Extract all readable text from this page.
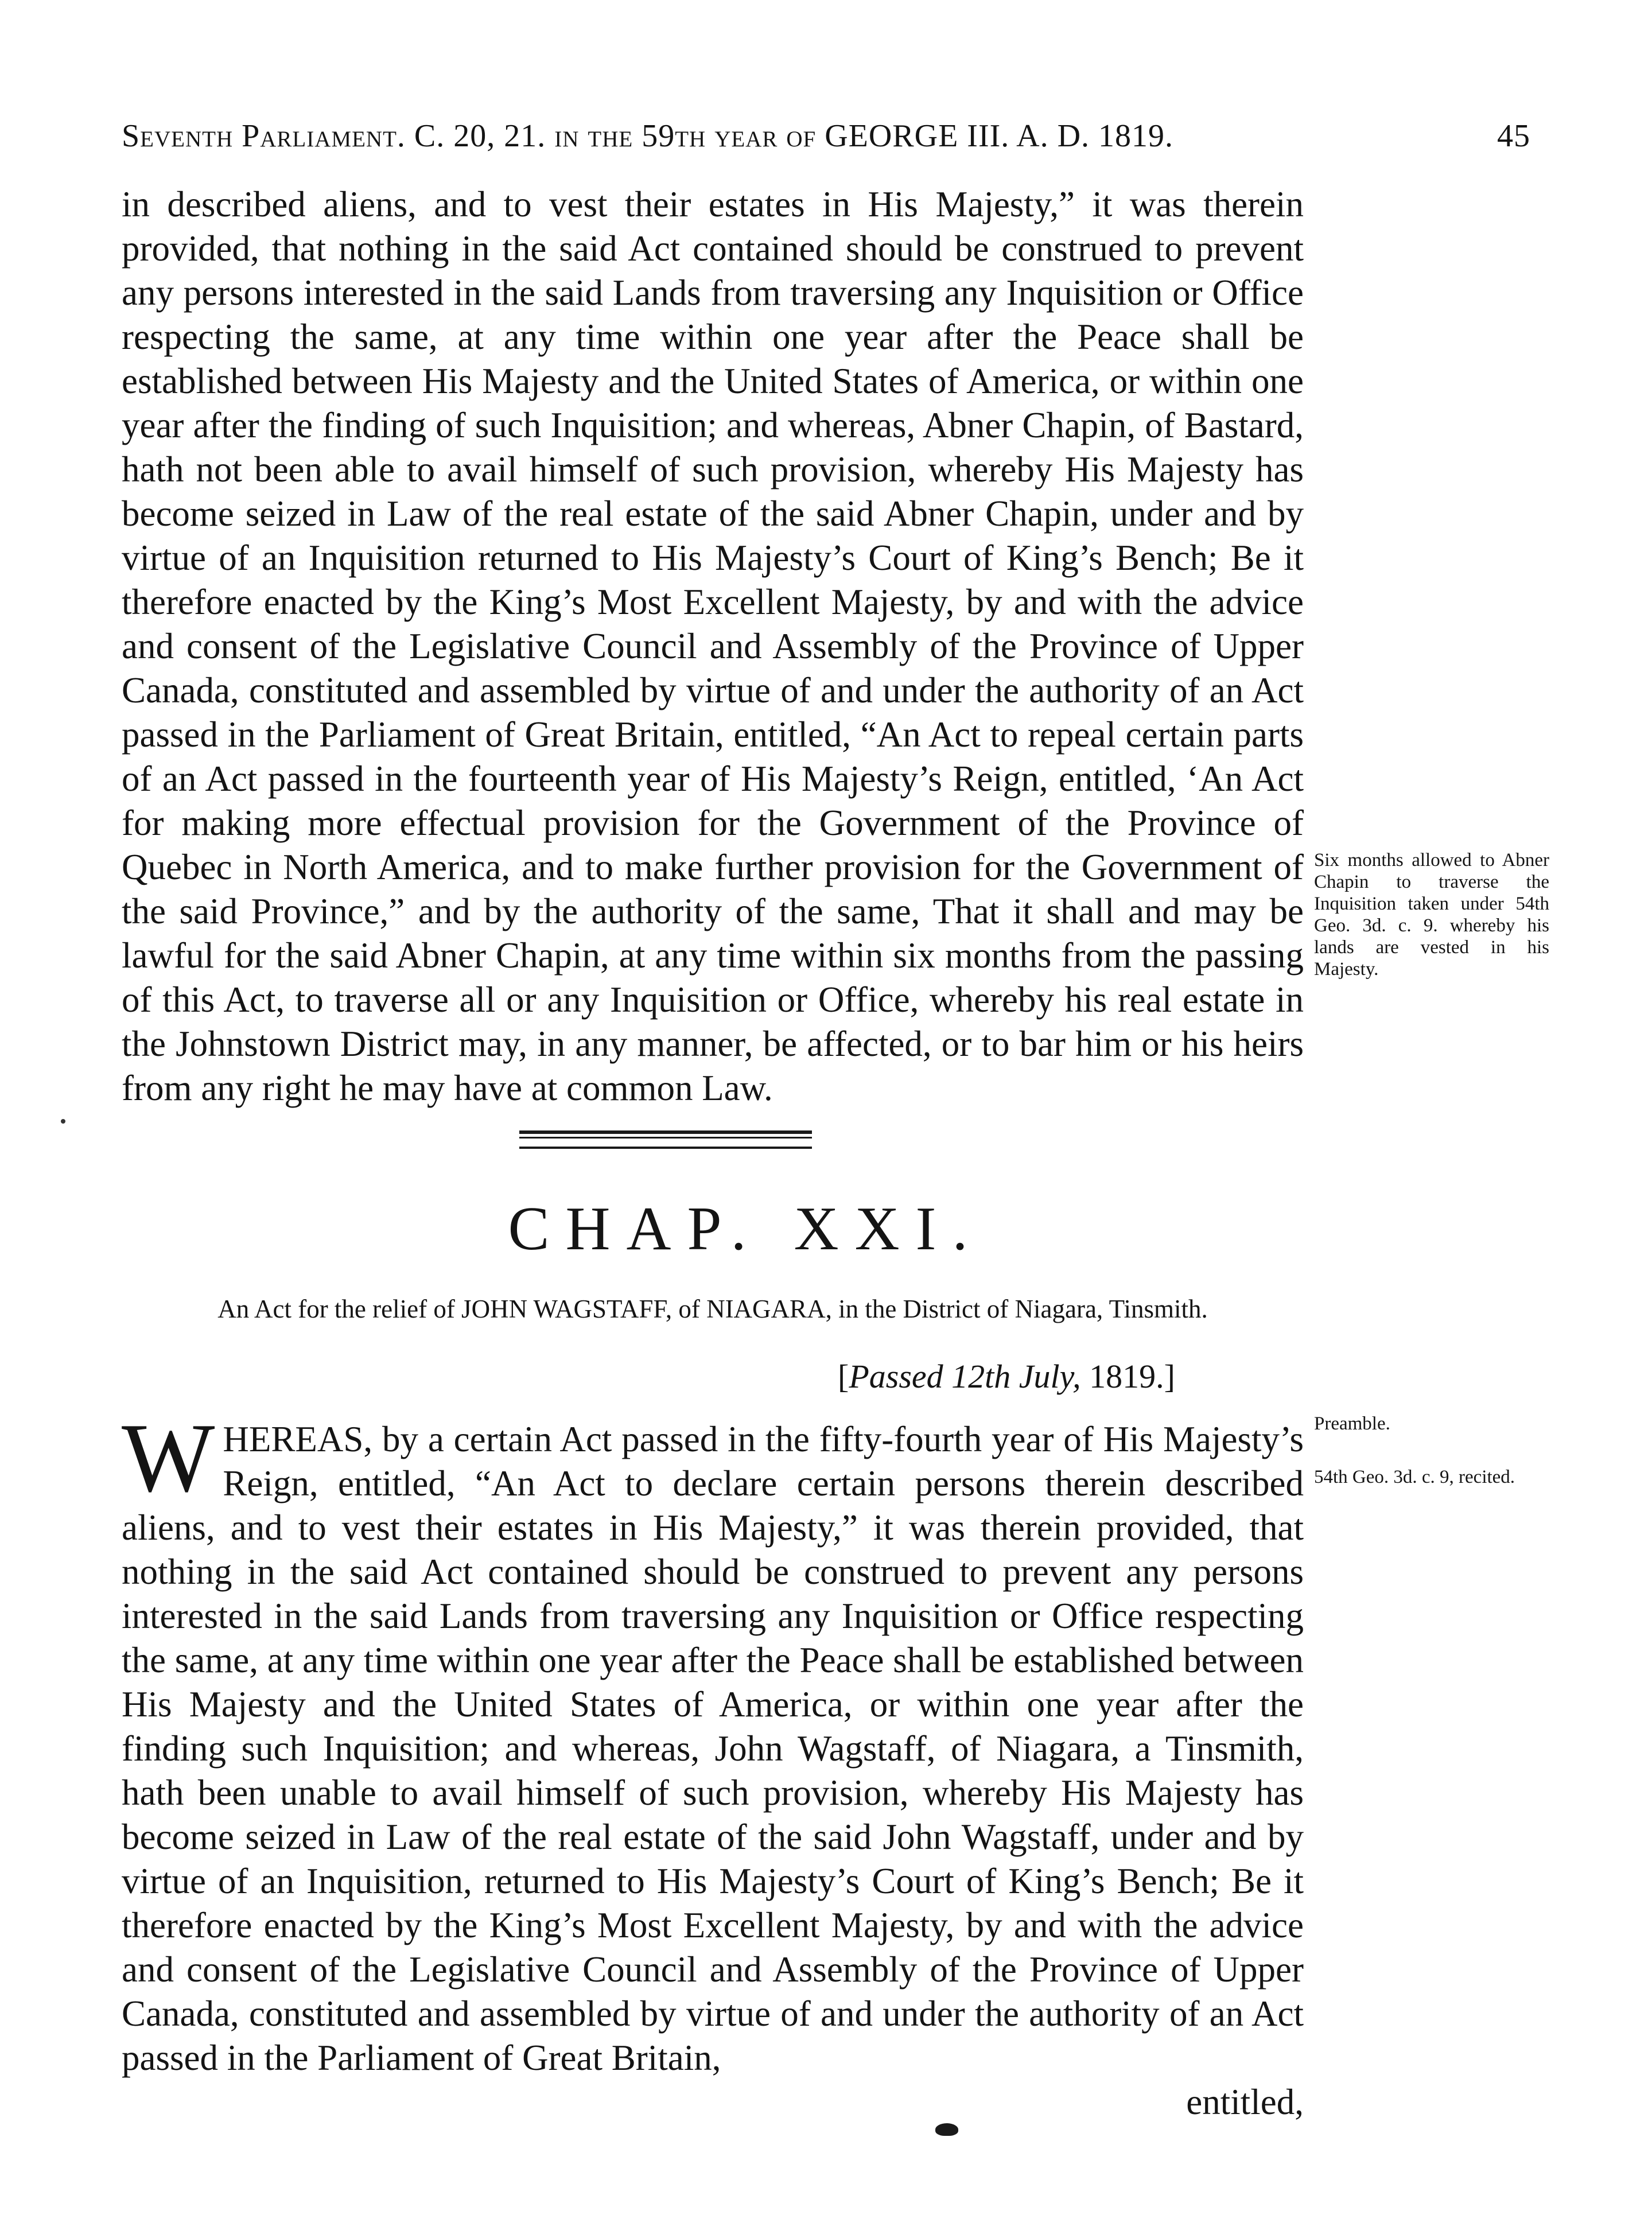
Seventh Parliament. C. 20, 21. in the 59th year of GEORGE III. A. D. 1819.	45
in described aliens, and to vest their estates in His Majesty,” it was therein provided, that nothing in the said Act contained should be construed to prevent any persons interested in the said Lands from traversing any Inquisition or Office respecting the same, at any time within one year after the Peace shall be established between His Majesty and the United States of America, or within one year after the finding of such Inquisition; and whereas, Abner Chapin, of Bastard, hath not been able to avail himself of such provision, whereby His Majesty has become seized in Law of the real estate of the said Abner Chapin, under and by virtue of an Inquisition returned to His Majesty’s Court of King’s Bench; Be it therefore enacted by the King’s Most Excellent Majesty, by and with the advice and consent of the Legislative Council and Assembly of the Province of Upper Canada, constituted and assembled by virtue of and under the authority of an Act passed in the Parliament of Great Britain, entitled, “An Act to repeal certain parts of an Act passed in the fourteenth year of His Majesty’s Reign, entitled, ‘An Act for making more effectual provision for the Government of the Province of Quebec in North America, and to make further provision for the Government of the said Province,” and by the authority of the same, That it shall and may be lawful for the said Abner Chapin, at any time within six months from the passing of this Act, to traverse all or any Inquisition or Office, whereby his real estate in the Johnstown District may, in any manner, be affected, or to bar him or his heirs from any right he may have at common Law.
Six months allowed to Abner Chapin to traverse the Inquisition taken under 54th Geo. 3d. c. 9. whereby his lands are vested in his Majesty.
CHAP. XXI.
An Act for the relief of JOHN WAGSTAFF, of NIAGARA, in the District of Niagara, Tinsmith.
[Passed 12th July, 1819.]
WHEREAS, by a certain Act passed in the fifty-fourth year of His Majesty’s Reign, entitled, “An Act to declare certain persons therein described aliens, and to vest their estates in His Majesty,” it was therein provided, that nothing in the said Act contained should be construed to prevent any persons interested in the said Lands from traversing any Inquisition or Office respecting the same, at any time within one year after the Peace shall be established between His Majesty and the United States of America, or within one year after the finding such Inquisition; and whereas, John Wagstaff, of Niagara, a Tinsmith, hath been unable to avail himself of such provision, whereby His Majesty has become seized in Law of the real estate of the said John Wagstaff, under and by virtue of an Inquisition, returned to His Majesty’s Court of King’s Bench; Be it therefore enacted by the King’s Most Excellent Majesty, by and with the advice and consent of the Legislative Council and Assembly of the Province of Upper Canada, constituted and assembled by virtue of and under the authority of an Act passed in the Parliament of Great Britain,
entitled,
Preamble.
54th Geo. 3d. c. 9, recited.
